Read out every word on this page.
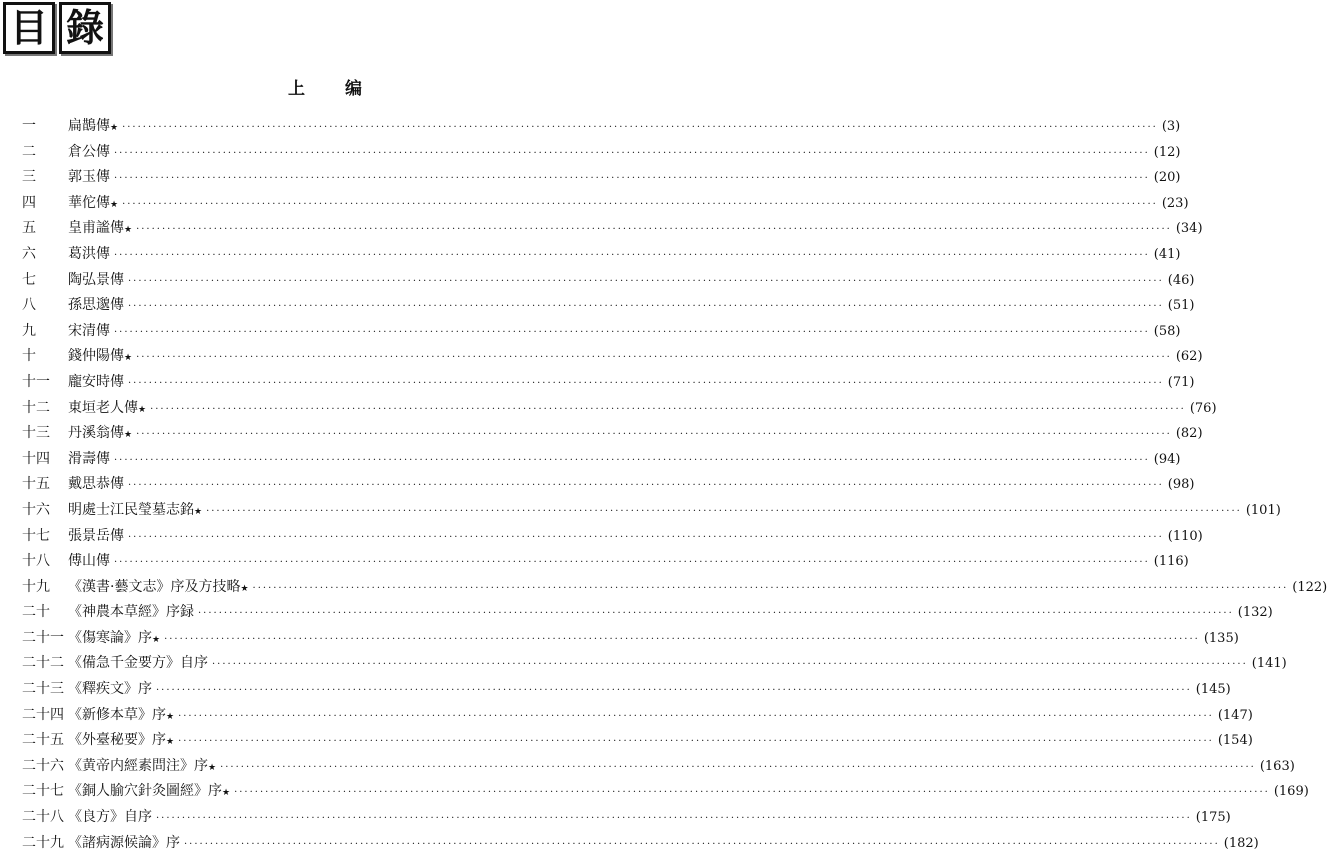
目 錄
上编
一	扁鵲傳 ★ ········································································································································································································ (3)
二	倉公傳 ········································································································································································································ (12)
三	郭玉傳 ········································································································································································································ (20)
四	華佗傳 ★ ········································································································································································································ (23)
五	皇甫謐傳 ★ ········································································································································································································ (34)
六	葛洪傳 ········································································································································································································ (41)
七	陶弘景傳 ········································································································································································································ (46)
八	孫思邈傳 ········································································································································································································ (51)
九	宋清傳 ········································································································································································································ (58)
十	錢仲陽傳 ★ ········································································································································································································ (62)
十一	龐安時傳 ········································································································································································································ (71)
十二	東垣老人傳 ★ ········································································································································································································ (76)
十三	丹溪翁傳 ★ ········································································································································································································ (82)
十四	滑壽傳 ········································································································································································································ (94)
十五	戴思恭傳 ········································································································································································································ (98)
十六	明處士江民瑩墓志銘 ★ ········································································································································································································ (101)
十七	張景岳傳 ········································································································································································································ (110)
十八	傅山傳 ········································································································································································································ (116)
十九	《漢書·藝文志》序及方技略 ★ ········································································································································································································ (122)
二十	《神農本草經》序録 ········································································································································································································ (132)
二十一 《傷寒論》序 ★ ········································································································································································································ (135)
二十二 《備急千金要方》自序 ········································································································································································································ (141)
二十三 《釋疾文》序 ········································································································································································································ (145)
二十四 《新修本草》序 ★ ········································································································································································································ (147)
二十五 《外臺秘要》序 ★ ········································································································································································································ (154)
二十六 《黄帝内經素問注》序 ★ ········································································································································································································ (163)
二十七 《銅人腧穴針灸圖經》序 ★ ········································································································································································································ (169)
二十八 《良方》自序 ········································································································································································································ (175)
二十九 《諸病源候論》序 ········································································································································································································ (182)
